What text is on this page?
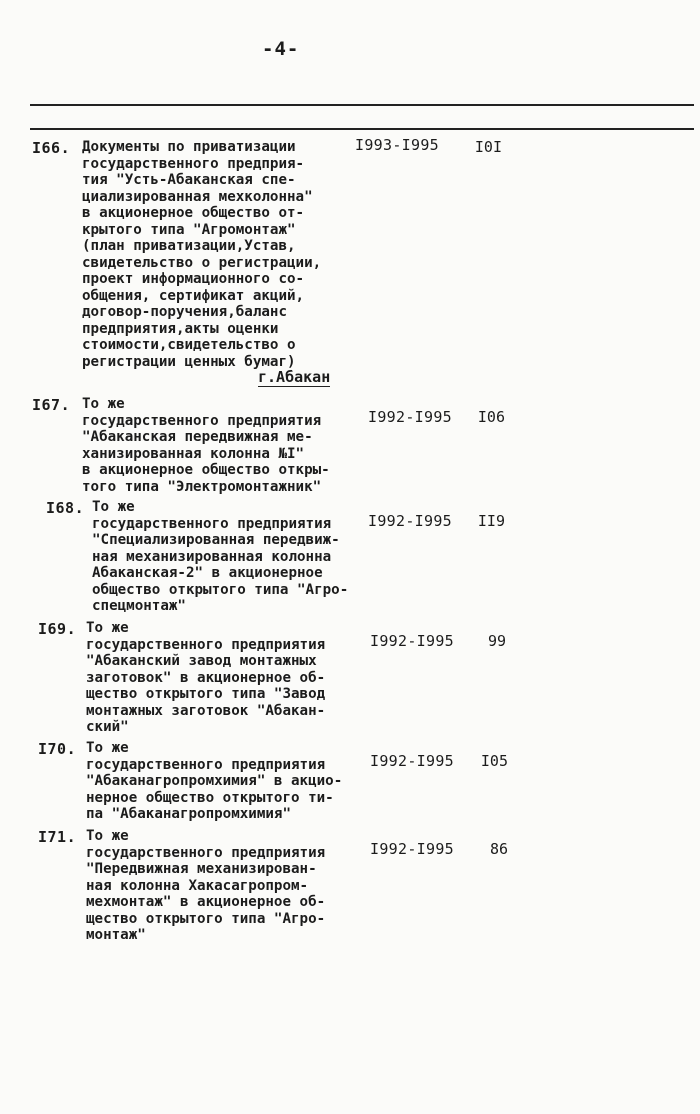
-4-
I66. Документы по приватизации
государственного предприя-
тия "Усть-Абаканская спе-
циализированная мехколонна"
в акционерное общество от-
крытого типа "Агромонтаж"
(план приватизации,Устав,
свидетельство о регистрации,
проект информационного со-
общения, сертификат акций,
договор-поручения,баланс
предприятия,акты оценки
стоимости,свидетельство о
регистрации ценных бумаг)
I993-I995	I0I
г.Абакан
I67. То же
государственного предприятия
"Абаканская передвижная ме-
ханизированная колонна №I"
в акционерное общество откры-
того типа "Электромонтажник"
I992-I995	I06
I68. То же
государственного предприятия
"Специализированная передвиж-
ная механизированная колонна
Абаканская-2" в акционерное
общество открытого типа "Агро-
спецмонтаж"
I992-I995	II9
I69. То же
государственного предприятия
"Абаканский завод монтажных
заготовок" в акционерное об-
щество открытого типа "Завод
монтажных заготовок "Абакан-
ский"
I992-I995	99
I70. То же
государственного предприятия
"Абаканагропромхимия" в акцио-
нерное общество открытого ти-
па "Абаканагропромхимия"
I992-I995	I05
I71. То же
государственного предприятия
"Передвижная механизирован-
ная колонна Хакасагропром-
мехмонтаж" в акционерное об-
щество открытого типа "Агро-
монтаж"
I992-I995	86
